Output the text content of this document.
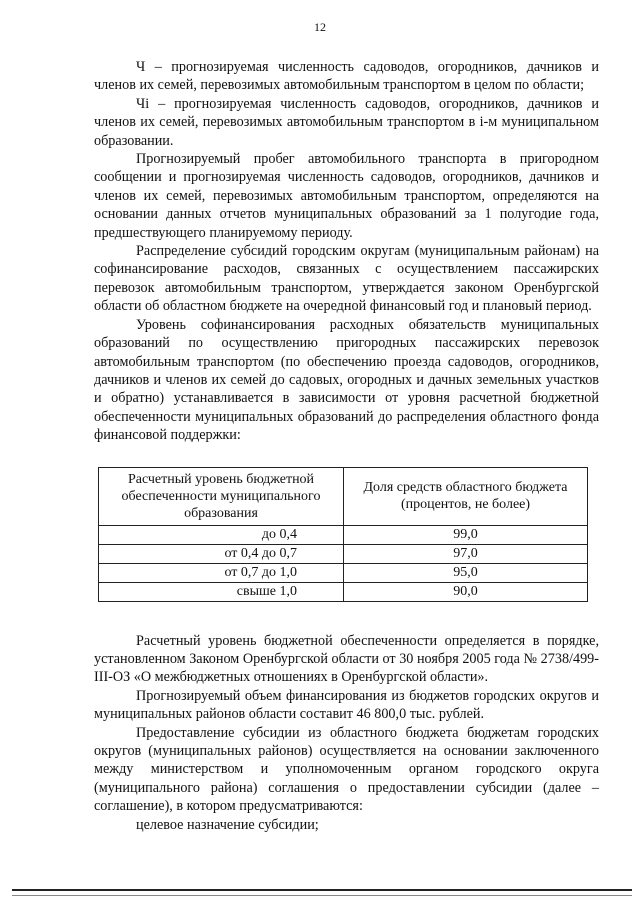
12

Ч – прогнозируемая численность садоводов, огородников, дачников и членов их семей, перевозимых автомобильным транспортом в целом по области;

Чi – прогнозируемая численность садоводов, огородников, дачников и членов их семей, перевозимых автомобильным транспортом в i-м муниципальном образовании.

Прогнозируемый пробег автомобильного транспорта в пригородном сообщении и прогнозируемая численность садоводов, огородников, дачников и членов их семей, перевозимых автомобильным транспортом, определяются на основании данных отчетов муниципальных образований за 1 полугодие года, предшествующего планируемому периоду.

Распределение субсидий городским округам (муниципальным районам) на софинансирование расходов, связанных с осуществлением пассажирских перевозок автомобильным транспортом, утверждается законом Оренбургской области об областном бюджете на очередной финансовый год и плановый период.

Уровень софинансирования расходных обязательств муниципальных образований по осуществлению пригородных пассажирских перевозок автомобильным транспортом (по обеспечению проезда садоводов, огородников, дачников и членов их семей до садовых, огородных и дачных земельных участков и обратно) устанавливается в зависимости от уровня расчетной бюджетной обеспеченности муниципальных образований до распределения областного фонда финансовой поддержки:

Расчетный уровень бюджетной обеспеченности муниципального образования	Доля средств областного бюджета (процентов, не более)
до 0,4	99,0
от 0,4 до 0,7	97,0
от 0,7 до 1,0	95,0
свыше 1,0	90,0

Расчетный уровень бюджетной обеспеченности определяется в порядке, установленном Законом Оренбургской области от 30 ноября 2005 года № 2738/499-III-ОЗ «О межбюджетных отношениях в Оренбургской области».

Прогнозируемый объем финансирования из бюджетов городских округов и муниципальных районов области составит 46 800,0 тыс. рублей.

Предоставление субсидии из областного бюджета бюджетам городских округов (муниципальных районов) осуществляется на основании заключенного между министерством и уполномоченным органом городского округа (муниципального района) соглашения о предоставлении субсидии (далее – соглашение), в котором предусматриваются:

целевое назначение субсидии;
